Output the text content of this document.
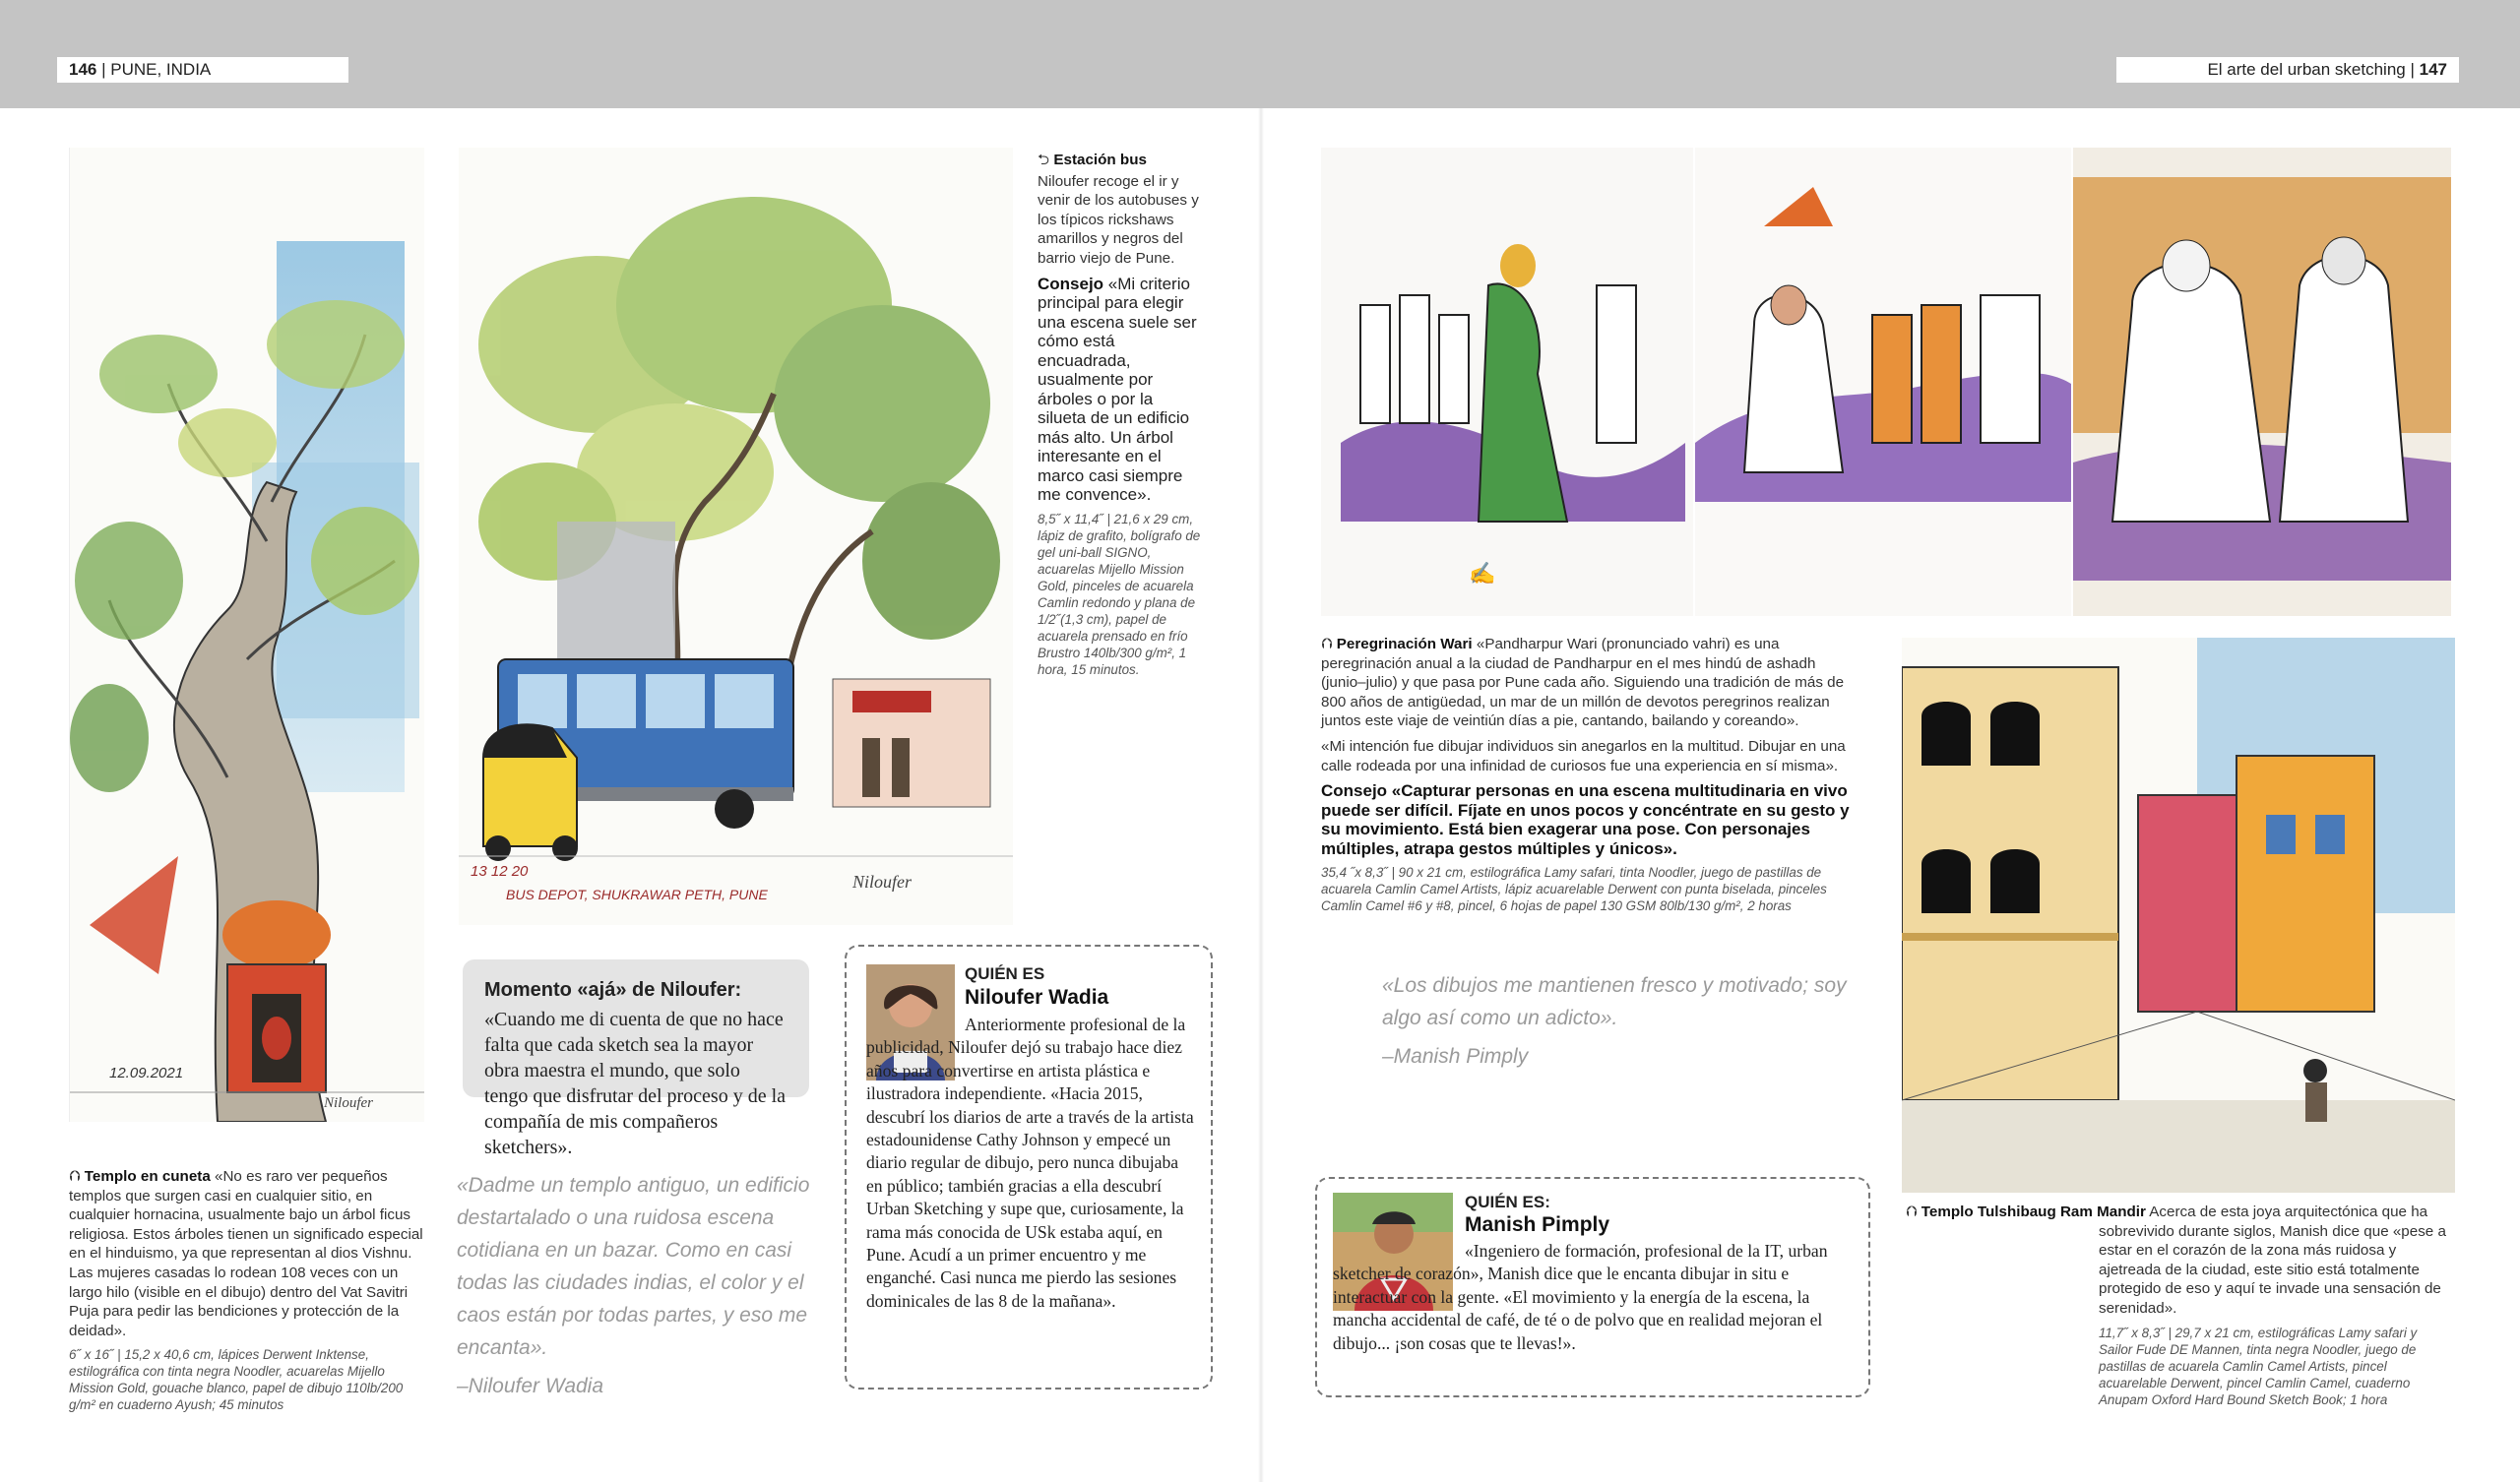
146 | PUNE, INDIA	El arte del urban sketching | 147
12.09.2021
Niloufer
13 12 20
BUS DEPOT, SHUKRAWAR PETH, PUNE
Niloufer

⮌ Estación bus

Niloufer recoge el ir y venir de los autobuses y los típicos rickshaws amarillos y negros del barrio viejo de Pune.

Consejo «Mi criterio principal para elegir una escena suele ser cómo está encuadrada, usualmente por árboles o por la silueta de un edificio más alto. Un árbol interesante en el marco casi siempre me convence».

8,5˝ x 11,4˝ | 21,6 x 29 cm, lápiz de grafito, bolígrafo de gel uni-ball SIGNO, acuarelas Mijello Mission Gold, pinceles de acuarela Camlin redondo y plana de 1/2˝(1,3 cm), papel de acuarela prensado en frío Brustro 140lb/300 g/m², 1 hora, 15 minutos.

⮉ Templo en cuneta «No es raro ver pequeños templos que surgen casi en cualquier sitio, en cualquier hornacina, usualmente bajo un árbol ficus religiosa. Estos árboles tienen un significado especial en el hinduismo, ya que representan al dios Vishnu. Las mujeres casadas lo rodean 108 veces con un largo hilo (visible en el dibujo) dentro del Vat Savitri Puja para pedir las bendiciones y protección de la deidad».

6˝ x 16˝ | 15,2 x 40,6 cm, lápices Derwent Inktense, estilográfica con tinta negra Noodler, acuarelas Mijello Mission Gold, gouache blanco, papel de dibujo 110lb/200 g/m² en cuaderno Ayush; 45 minutos
Momento «ajá» de Niloufer:
«Cuando me di cuenta de que no hace falta que cada sketch sea la mayor obra maestra el mundo, que solo tengo que disfrutar del proceso y de la compañía de mis compañeros sketchers».
«Dadme un templo antiguo, un edificio destartalado o una ruidosa escena cotidiana en un bazar. Como en casi todas las ciudades indias, el color y el caos están por todas partes, y eso me encanta».
–Niloufer Wadia
QUIÉN ES
Niloufer Wadia
Anteriormente profesional de la publicidad, Niloufer dejó su trabajo hace diez años para convertirse en artista plástica e ilustradora independiente. «Hacia 2015, descubrí los diarios de arte a través de la artista estadounidense Cathy Johnson y empecé un diario regular de dibujo, pero nunca dibujaba en público; también gracias a ella descubrí Urban Sketching y supe que, curiosamente, la rama más conocida de USk estaba aquí, en Pune. Acudí a un primer encuentro y me enganché. Casi nunca me pierdo las sesiones dominicales de las 8 de la mañana».
✍

⮉ Peregrinación Wari «Pandharpur Wari (pronunciado vahri) es una peregrinación anual a la ciudad de Pandharpur en el mes hindú de ashadh (junio–julio) y que pasa por Pune cada año. Siguiendo una tradición de más de 800 años de antigüedad, un mar de un millón de devotos peregrinos realizan juntos este viaje de veintiún días a pie, cantando, bailando y coreando».

«Mi intención fue dibujar individuos sin anegarlos en la multitud. Dibujar en una calle rodeada por una infinidad de curiosos fue una experiencia en sí misma».

Consejo «Capturar personas en una escena multitudinaria en vivo puede ser difícil. Fíjate en unos pocos y concéntrate en su gesto y su movimiento. Está bien exagerar una pose. Con personajes múltiples, atrapa gestos múltiples y únicos».

35,4 ˝x 8,3˝ | 90 x 21 cm, estilográfica Lamy safari, tinta Noodler, juego de pastillas de acuarela Camlin Camel Artists, lápiz acuarelable Derwent con punta biselada, pinceles Camlin Camel #6 y #8, pincel, 6 hojas de papel 130 GSM 80lb/130 g/m², 2 horas
«Los dibujos me mantienen fresco y motivado; soy algo así como un adicto».
–Manish Pimply
QUIÉN ES:
Manish Pimply
«Ingeniero de formación, profesional de la IT, urban sketcher de corazón», Manish dice que le encanta dibujar in situ e interactuar con la gente. «El movimiento y la energía de la escena, la mancha accidental de café, de té o de polvo que en realidad mejoran el dibujo... ¡son cosas que te llevas!».

⮉ Templo Tulshibaug Ram Mandir Acerca de esta joya arquitectónica que ha sobrevivido durante siglos, Manish dice que «pese a estar en el corazón de la zona más ruidosa y ajetreada de la ciudad, este sitio está totalmente protegido de eso y aquí te invade una sensación de serenidad».

11,7˝ x 8,3˝ | 29,7 x 21 cm, estilográficas Lamy safari y Sailor Fude DE Mannen, tinta negra Noodler, juego de pastillas de acuarela Camlin Camel Artists, pincel acuarelable Derwent, pincel Camlin Camel, cuaderno Anupam Oxford Hard Bound Sketch Book; 1 hora
